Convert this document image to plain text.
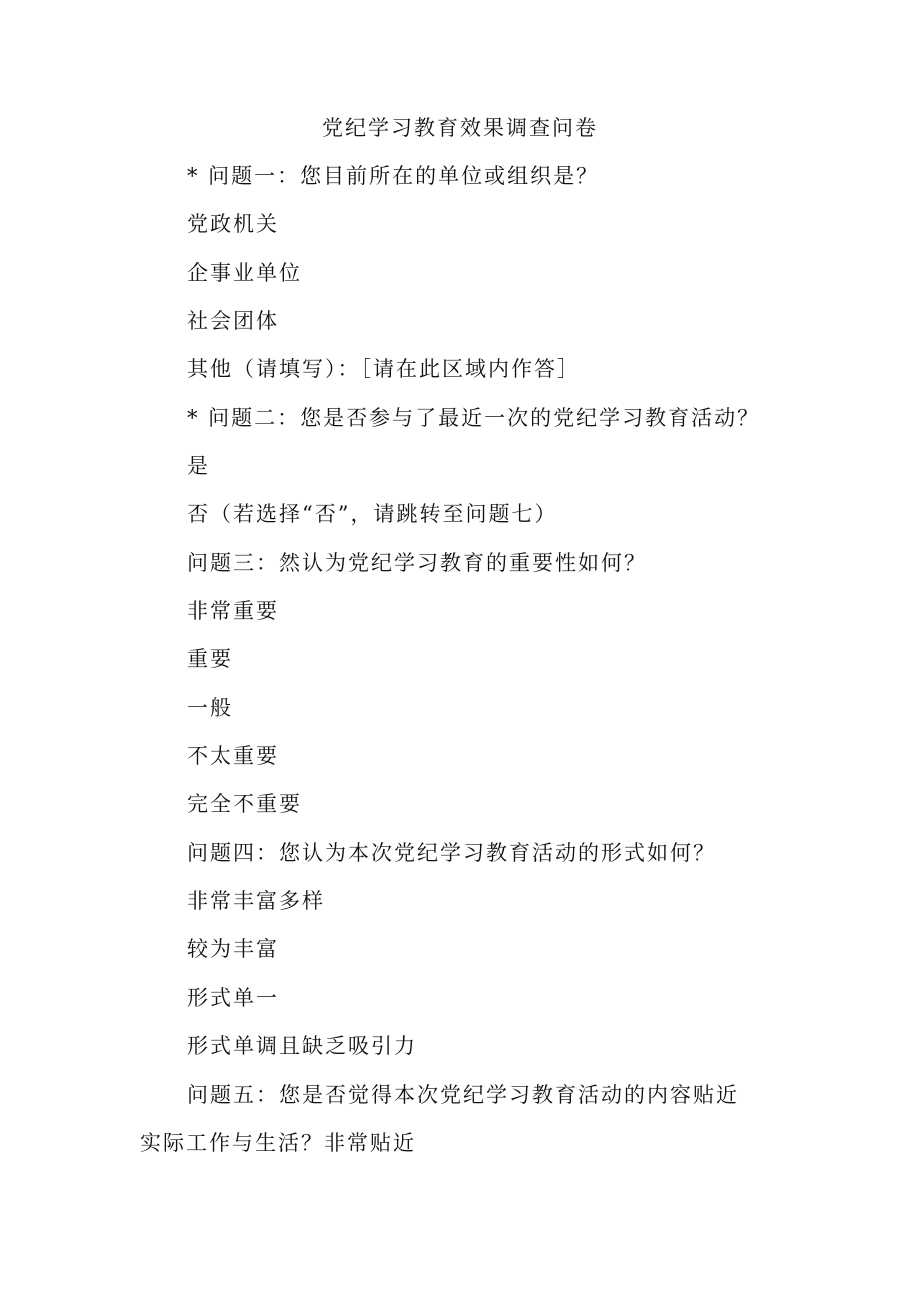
党纪学习教育效果调查问卷
* 问题一：您目前所在的单位或组织是？
党政机关
企事业单位
社会团体
其他（请填写）：［请在此区域内作答］
* 问题二：您是否参与了最近一次的党纪学习教育活动？
是
否（若选择“否”，请跳转至问题七）
问题三：然认为党纪学习教育的重要性如何？
非常重要
重要
一般
不太重要
完全不重要
问题四：您认为本次党纪学习教育活动的形式如何？
非常丰富多样
较为丰富
形式单一
形式单调且缺乏吸引力
问题五：您是否觉得本次党纪学习教育活动的内容贴近
实际工作与生活？非常贴近
